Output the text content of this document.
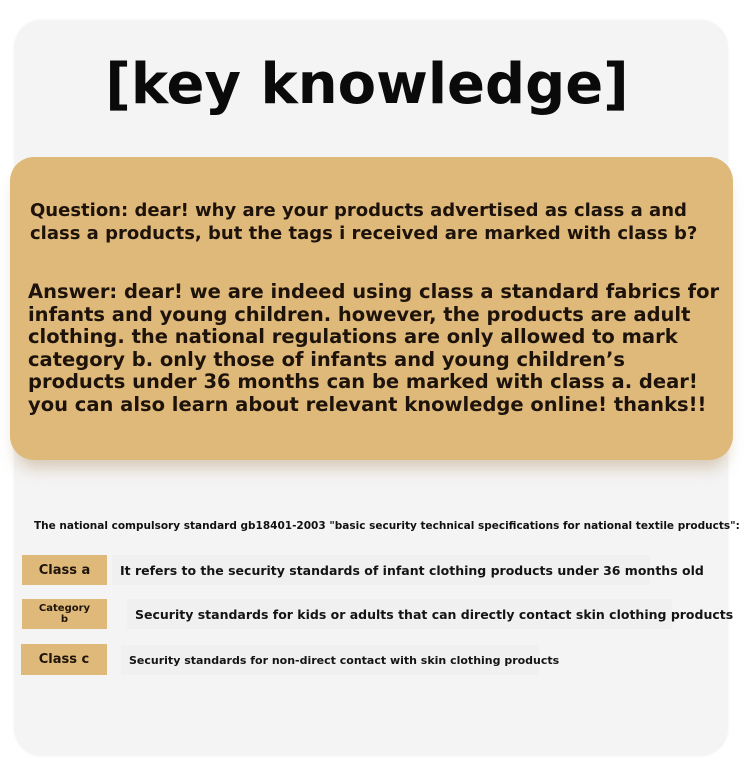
[key knowledge]
Question: dear! why are your products advertised as class a and class a products, but the tags i received are marked with class b?
Answer: dear! we are indeed using class a standard fabrics for infants and young children. however, the products are adult clothing. the national regulations are only allowed to mark category b. only those of infants and young children’s products under 36 months can be marked with class a. dear! you can also learn about relevant knowledge online! thanks!!
The national compulsory standard gb18401-2003 "basic security technical specifications for national textile products":
Class a	It refers to the security standards of infant clothing products under 36 months old
Category b	Security standards for kids or adults that can directly contact skin clothing products
Class c	Security standards for non-direct contact with skin clothing products
